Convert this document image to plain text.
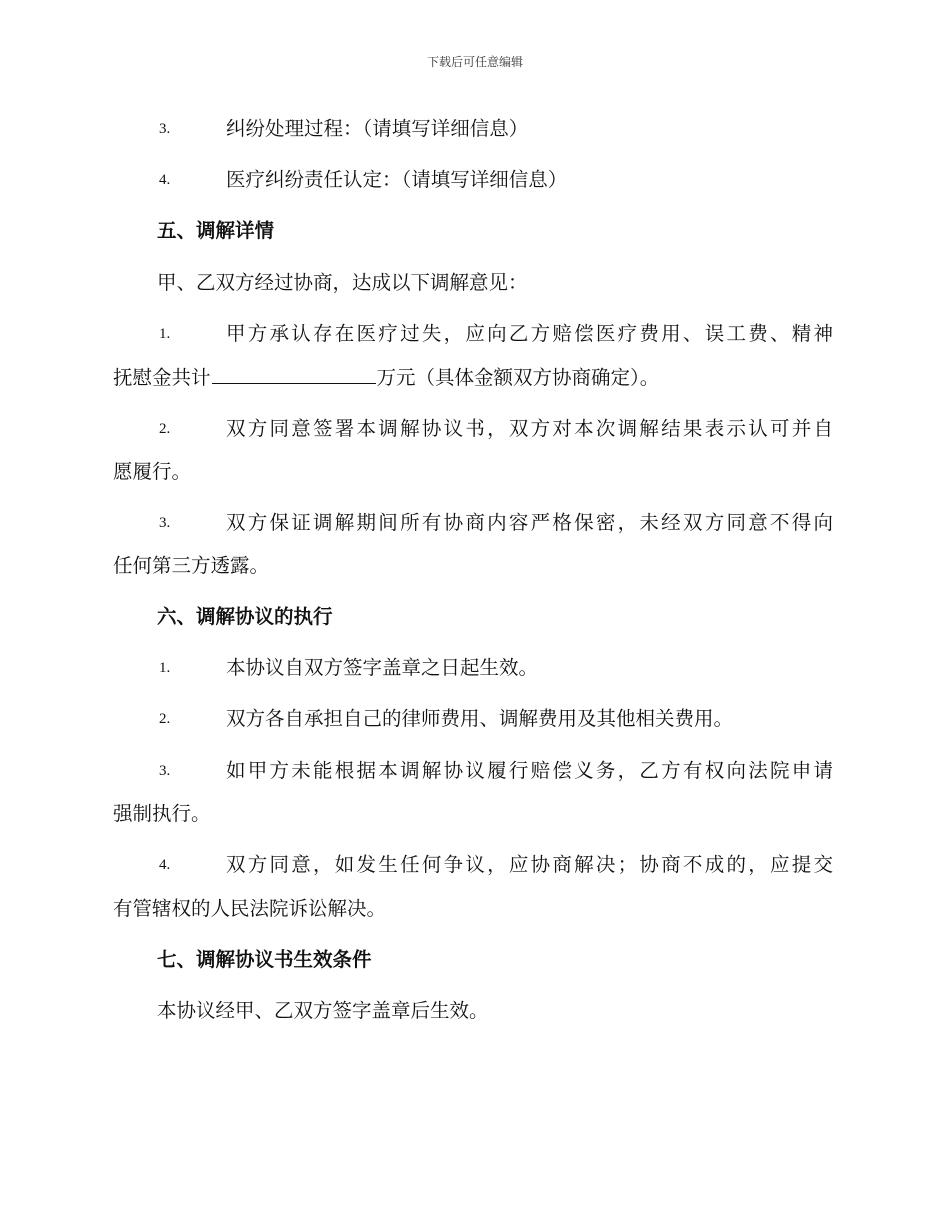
下载后可任意编辑
3.	纠纷处理过程：（请填写详细信息）
4.	医疗纠纷责任认定：（请填写详细信息）
五、调解详情
甲、乙双方经过协商，达成以下调解意见：
1.	甲方承认存在医疗过失，应向乙方赔偿医疗费用、误工费、精神
抚慰金共计	万元（具体金额双方协商确定）。
2.	双方同意签署本调解协议书，双方对本次调解结果表示认可并自
愿履行。
3.	双方保证调解期间所有协商内容严格保密，未经双方同意不得向
任何第三方透露。
六、调解协议的执行
1.	本协议自双方签字盖章之日起生效。
2.	双方各自承担自己的律师费用、调解费用及其他相关费用。
3.	如甲方未能根据本调解协议履行赔偿义务，乙方有权向法院申请
强制执行。
4.	双方同意，如发生任何争议，应协商解决；协商不成的，应提交
有管辖权的人民法院诉讼解决。
七、调解协议书生效条件
本协议经甲、乙双方签字盖章后生效。
